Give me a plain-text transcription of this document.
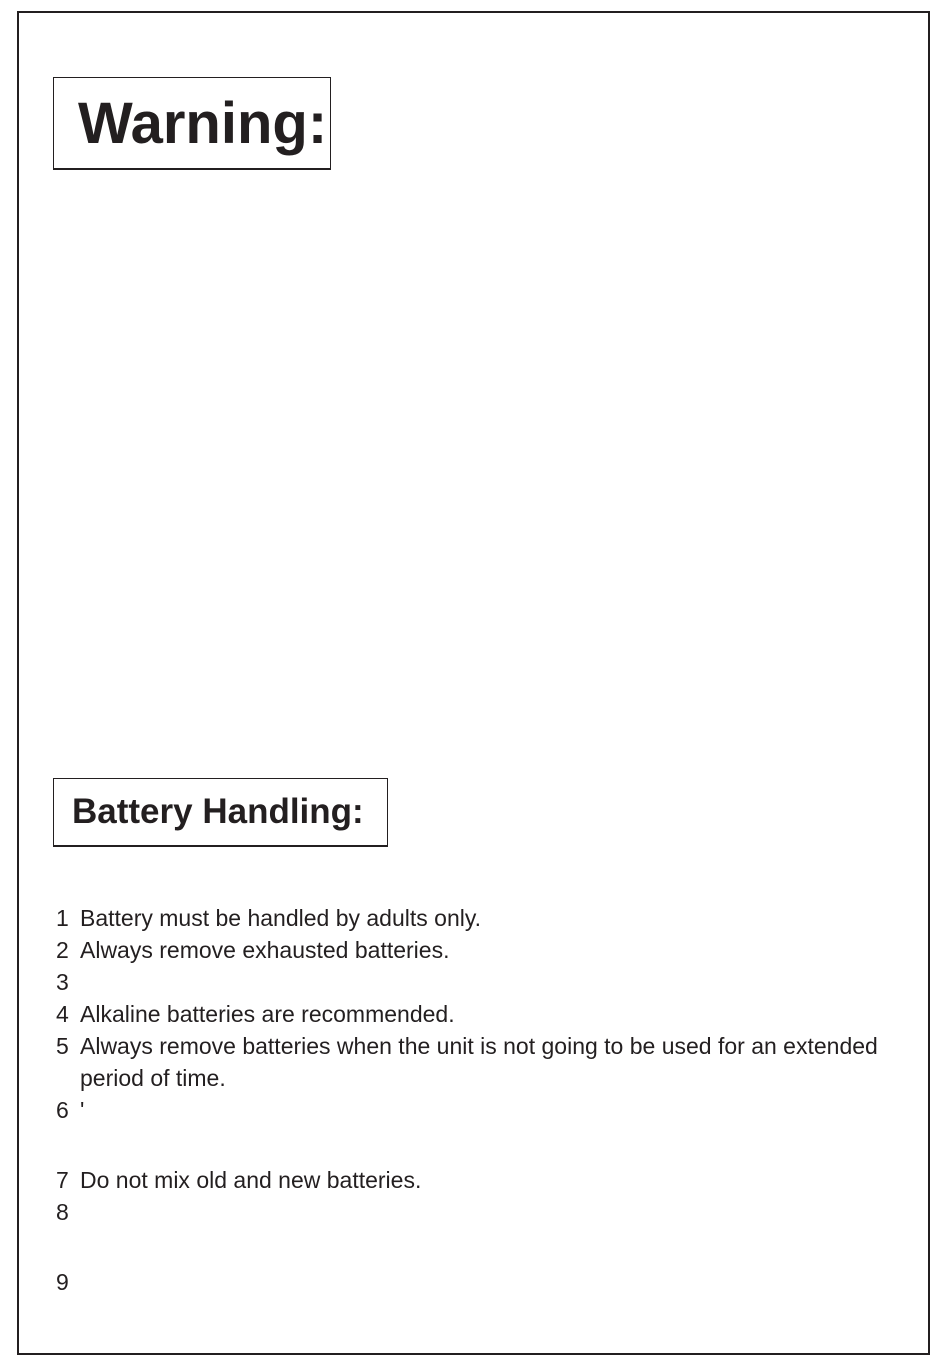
Warning:
Battery Handling:
1 Battery must be handled by adults only.
2 Always remove exhausted batteries.
3
4 Alkaline batteries are recommended.
5 Always remove batteries when the unit is not going to be used for an extended period of time.
6 '
7 Do not mix old and new batteries.
8
9
